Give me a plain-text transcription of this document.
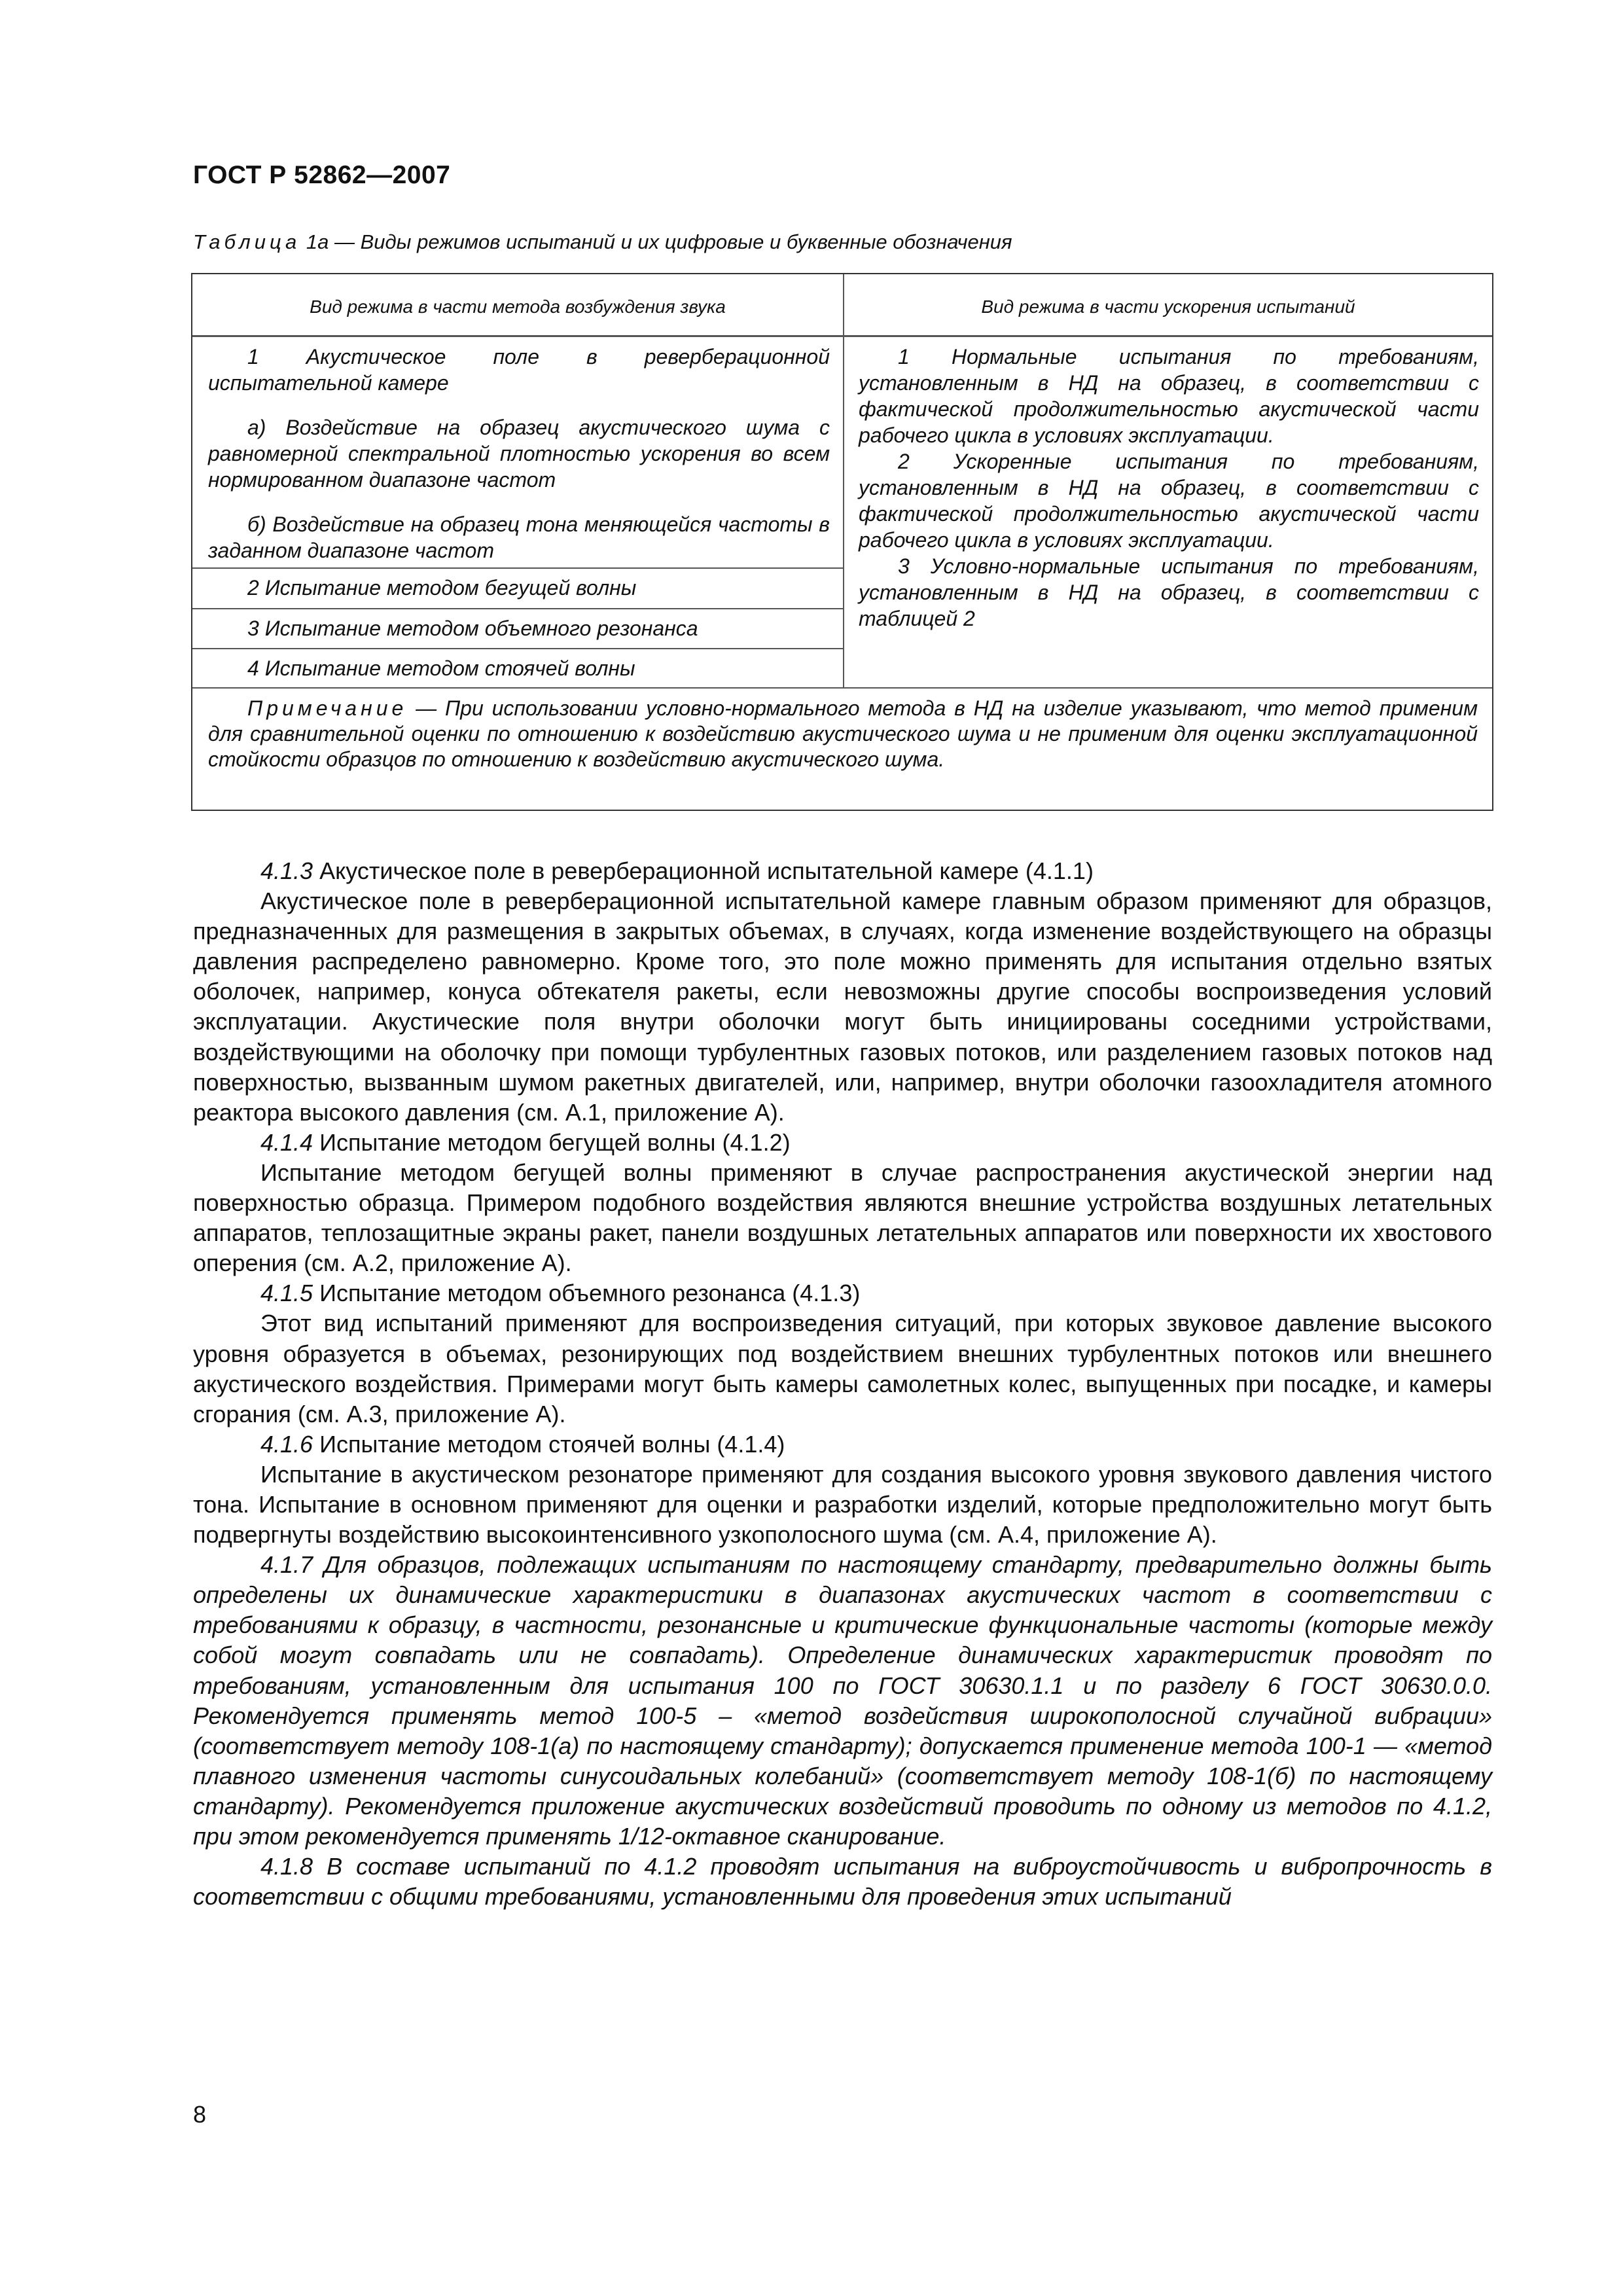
ГОСТ Р 52862—2007
Таблица 1а — Виды режимов испытаний и их цифровые и буквенные обозначения
Вид режима в части метода возбуждения звука	Вид режима в части ускорения испытаний
1 Акустическое поле в реверберационной испытательной камере
а) Воздействие на образец акустического шума с равномерной спектральной плотностью ускорения во всем нормированном диапазоне частот
б) Воздействие на образец тона меняющейся частоты в заданном диапазоне частот
2 Испытание методом бегущей волны
3 Испытание методом объемного резонанса
4 Испытание методом стоячей волны
1 Нормальные испытания по требованиям, установленным в НД на образец, в соответствии с фактической продолжительностью акустической части рабочего цикла в условиях эксплуатации.
2 Ускоренные испытания по требованиям, установленным в НД на образец, в соответствии с фактической продолжительностью акустической части рабочего цикла в условиях эксплуатации.
3 Условно-нормальные испытания по требованиям, установленным в НД на образец, в соответствии с таблицей 2
Примечание — При использовании условно-нормального метода в НД на изделие указывают, что метод применим для сравнительной оценки по отношению к воздействию акустического шума и не применим для оценки эксплуатационной стойкости образцов по отношению к воздействию акустического шума.

4.1.3 Акустическое поле в реверберационной испытательной камере (4.1.1)

Акустическое поле в реверберационной испытательной камере главным образом применяют для образцов, предназначенных для размещения в закрытых объемах, в случаях, когда изменение воздействующего на образцы давления распределено равномерно. Кроме того, это поле можно применять для испытания отдельно взятых оболочек, например, конуса обтекателя ракеты, если невозможны другие способы воспроизведения условий эксплуатации. Акустические поля внутри оболочки могут быть инициированы соседними устройствами, воздействующими на оболочку при помощи турбулентных газовых потоков, или разделением газовых потоков над поверхностью, вызванным шумом ракетных двигателей, или, например, внутри оболочки газоохладителя атомного реактора высокого давления (см. А.1, приложение А).

4.1.4 Испытание методом бегущей волны (4.1.2)

Испытание методом бегущей волны применяют в случае распространения акустической энергии над поверхностью образца. Примером подобного воздействия являются внешние устройства воздушных летательных аппаратов, теплозащитные экраны ракет, панели воздушных летательных аппаратов или поверхности их хвостового оперения (см. А.2, приложение А).

4.1.5 Испытание методом объемного резонанса (4.1.3)

Этот вид испытаний применяют для воспроизведения ситуаций, при которых звуковое давление высокого уровня образуется в объемах, резонирующих под воздействием внешних турбулентных потоков или внешнего акустического воздействия. Примерами могут быть камеры самолетных колес, выпущенных при посадке, и камеры сгорания (см. А.3, приложение А).

4.1.6 Испытание методом стоячей волны (4.1.4)

Испытание в акустическом резонаторе применяют для создания высокого уровня звукового давления чистого тона. Испытание в основном применяют для оценки и разработки изделий, которые предположительно могут быть подвергнуты воздействию высокоинтенсивного узкополосного шума (см. А.4, приложение А).

4.1.7 Для образцов, подлежащих испытаниям по настоящему стандарту, предварительно должны быть определены их динамические характеристики в диапазонах акустических частот в соответствии с требованиями к образцу, в частности, резонансные и критические функциональные частоты (которые между собой могут совпадать или не совпадать). Определение динамических характеристик проводят по требованиям, установленным для испытания 100 по ГОСТ 30630.1.1 и по разделу 6 ГОСТ 30630.0.0. Рекомендуется применять метод 100-5 – «метод воздействия широкополосной случайной вибрации» (соответствует методу 108-1(а) по настоящему стандарту); допускается применение метода 100-1 — «метод плавного изменения частоты синусоидальных колебаний» (соответствует методу 108-1(б) по настоящему стандарту). Рекомендуется приложение акустических воздействий проводить по одному из методов по 4.1.2, при этом рекомендуется применять 1/12-октавное сканирование.

4.1.8 В составе испытаний по 4.1.2 проводят испытания на виброустойчивость и вибропрочность в соответствии с общими требованиями, установленными для проведения этих испытаний

8
